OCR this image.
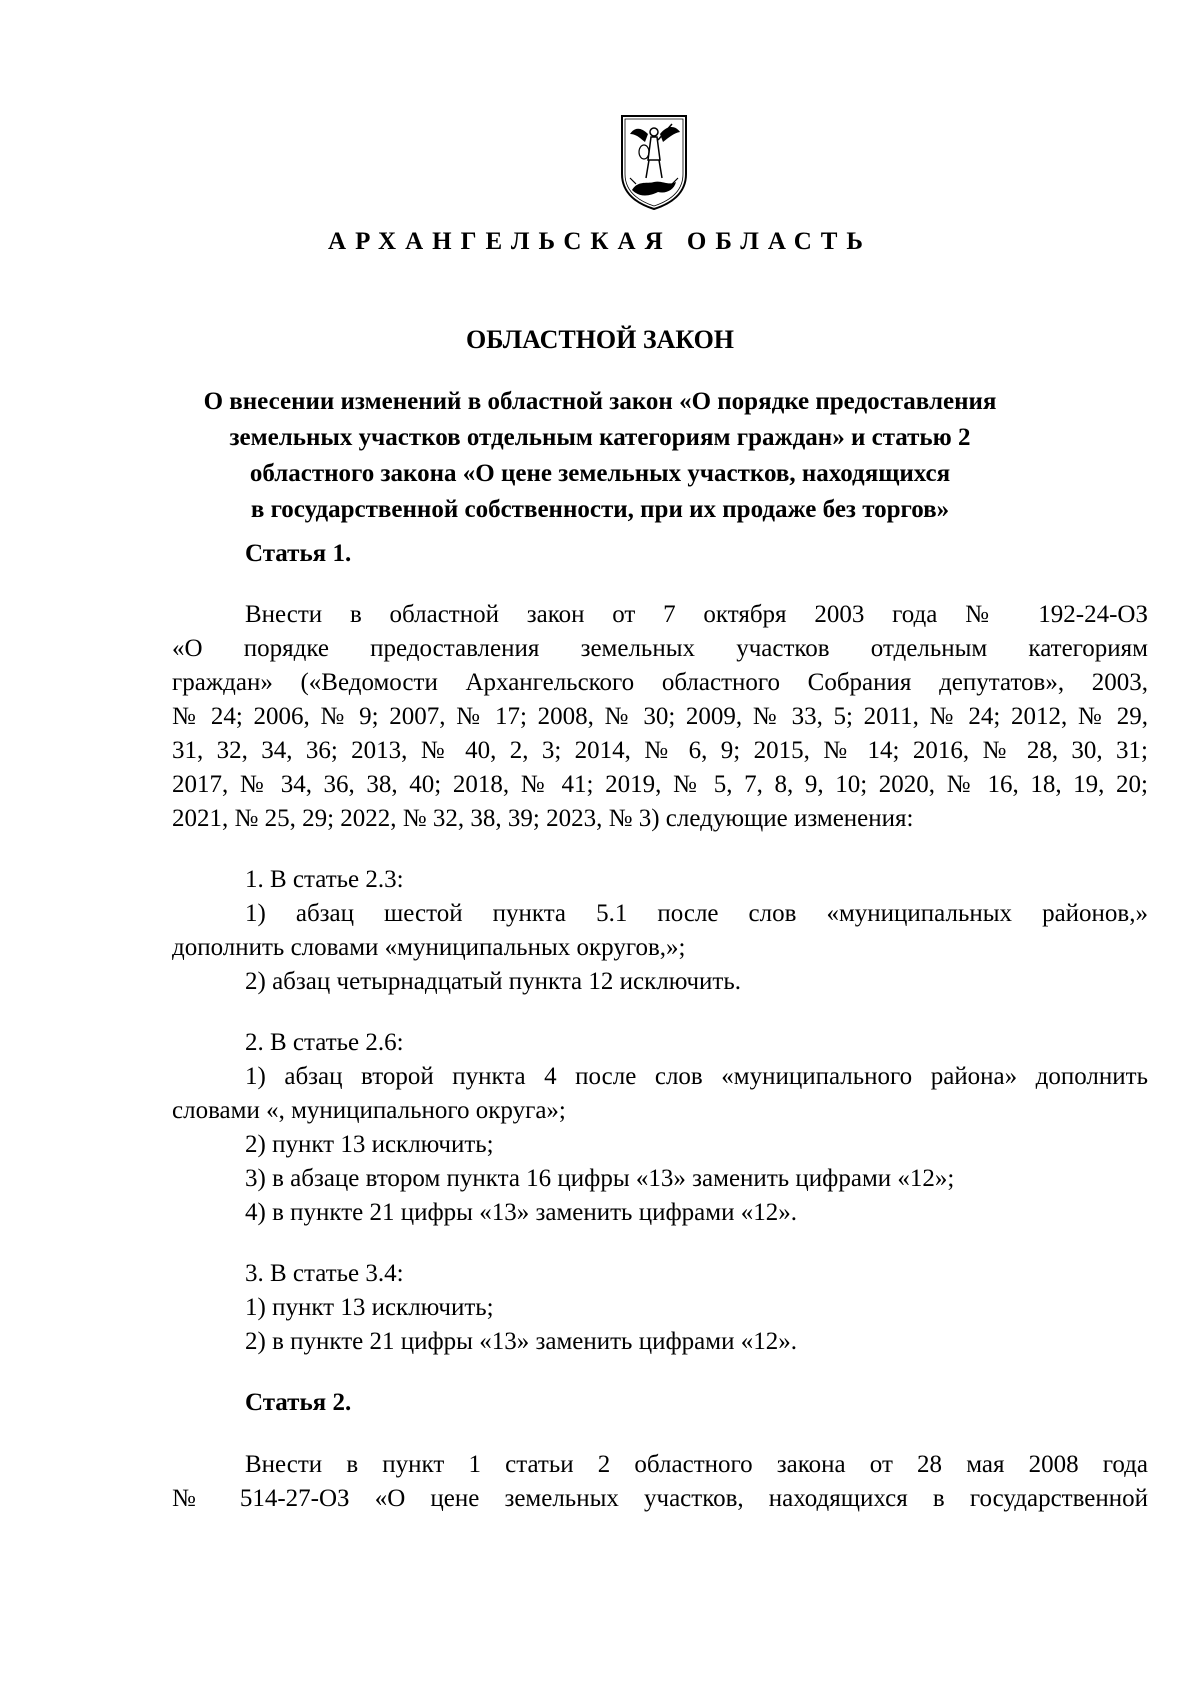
АРХАНГЕЛЬСКАЯ ОБЛАСТЬ
ОБЛАСТНОЙ ЗАКОН
О внесении изменений в областной закон «О порядке предоставления
земельных участков отдельным категориям граждан» и статью 2
областного закона «О цене земельных участков, находящихся
в государственной собственности, при их продаже без торгов»
Статья 1.
Внести в областной закон от 7 октября 2003 года № 192-24-ОЗ
«О порядке предоставления земельных участков отдельным категориям
граждан» («Ведомости Архангельского областного Собрания депутатов», 2003,
№ 24; 2006, № 9; 2007, № 17; 2008, № 30; 2009, № 33, 5; 2011, № 24; 2012, № 29,
31, 32, 34, 36; 2013, № 40, 2, 3; 2014, № 6, 9; 2015, № 14; 2016, № 28, 30, 31;
2017, № 34, 36, 38, 40; 2018, № 41; 2019, № 5, 7, 8, 9, 10; 2020, № 16, 18, 19, 20;
2021, № 25, 29; 2022, № 32, 38, 39; 2023, № 3) следующие изменения:
1. В статье 2.3:
1) абзац шестой пункта 5.1 после слов «муниципальных районов,»
дополнить словами «муниципальных округов,»;
2) абзац четырнадцатый пункта 12 исключить.
2. В статье 2.6:
1) абзац второй пункта 4 после слов «муниципального района» дополнить
словами «, муниципального округа»;
2) пункт 13 исключить;
3) в абзаце втором пункта 16 цифры «13» заменить цифрами «12»;
4) в пункте 21 цифры «13» заменить цифрами «12».
3. В статье 3.4:
1) пункт 13 исключить;
2) в пункте 21 цифры «13» заменить цифрами «12».
Статья 2.
Внести в пункт 1 статьи 2 областного закона от 28 мая 2008 года
№ 514-27-ОЗ «О цене земельных участков, находящихся в государственной
